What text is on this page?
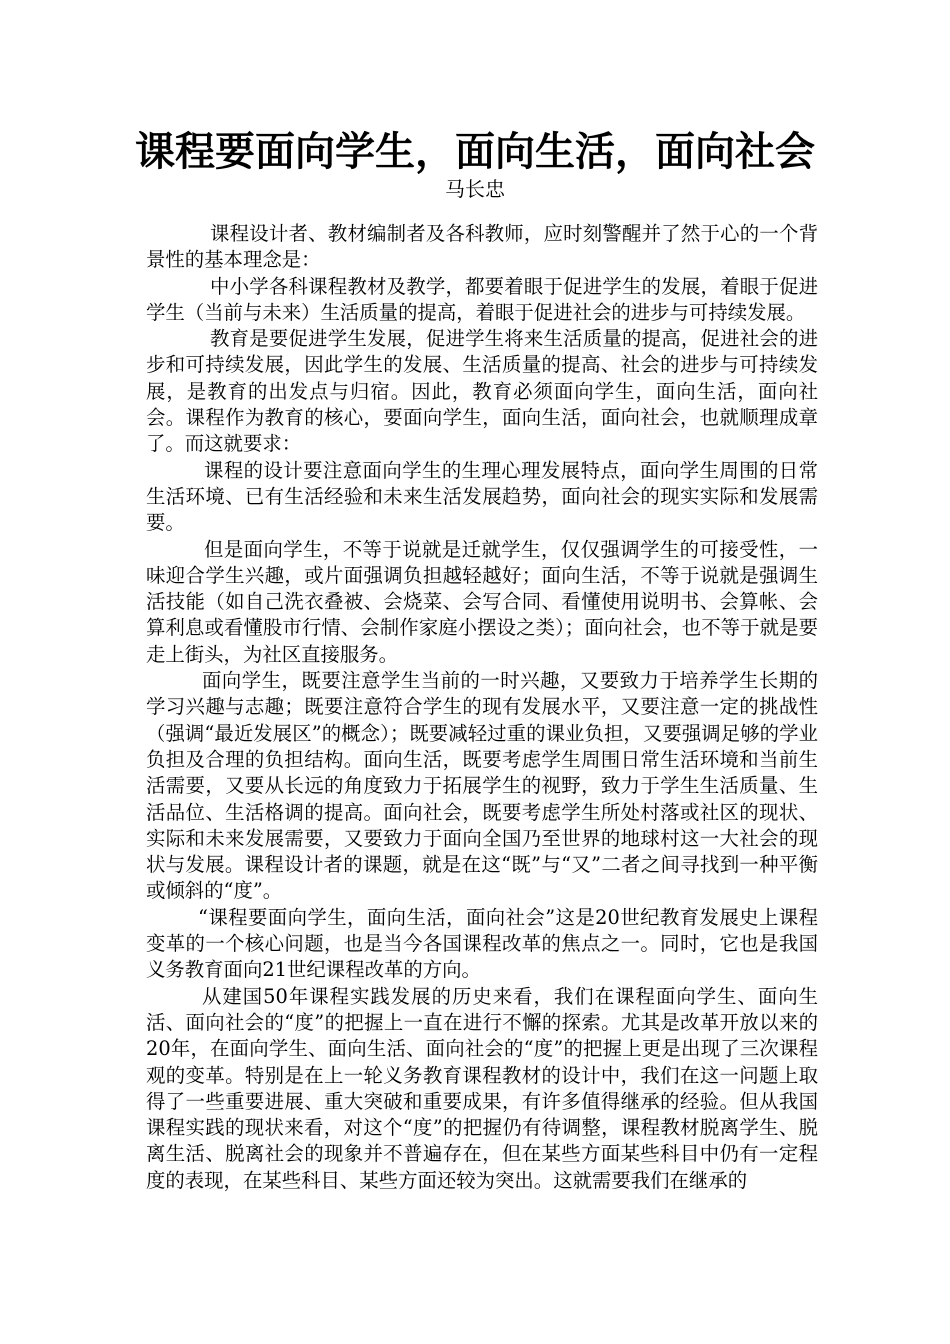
课程要面向学生，面向生活，面向社会
马长忠

课程设计者、教材编制者及各科教师，应时刻警醒并了然于心的一个背景性的基本理念是：

中小学各科课程教材及教学，都要着眼于促进学生的发展，着眼于促进学生（当前与未来）生活质量的提高，着眼于促进社会的进步与可持续发展。

教育是要促进学生发展，促进学生将来生活质量的提高，促进社会的进步和可持续发展，因此学生的发展、生活质量的提高、社会的进步与可持续发展，是教育的出发点与归宿。因此，教育必须面向学生，面向生活，面向社会。课程作为教育的核心，要面向学生，面向生活，面向社会，也就顺理成章了。而这就要求：

课程的设计要注意面向学生的生理心理发展特点，面向学生周围的日常生活环境、已有生活经验和未来生活发展趋势，面向社会的现实实际和发展需要。

但是面向学生，不等于说就是迁就学生，仅仅强调学生的可接受性，一味迎合学生兴趣，或片面强调负担越轻越好；面向生活，不等于说就是强调生活技能（如自己洗衣叠被、会烧菜、会写合同、看懂使用说明书、会算帐、会算利息或看懂股市行情、会制作家庭小摆设之类）；面向社会，也不等于就是要走上街头，为社区直接服务。

面向学生，既要注意学生当前的一时兴趣，又要致力于培养学生长期的学习兴趣与志趣；既要注意符合学生的现有发展水平，又要注意一定的挑战性（强调“最近发展区”的概念）；既要减轻过重的课业负担，又要强调足够的学业负担及合理的负担结构。面向生活，既要考虑学生周围日常生活环境和当前生活需要，又要从长远的角度致力于拓展学生的视野，致力于学生生活质量、生活品位、生活格调的提高。面向社会，既要考虑学生所处村落或社区的现状、实际和未来发展需要，又要致力于面向全国乃至世界的地球村这一大社会的现状与发展。课程设计者的课题，就是在这“既”与“又”二者之间寻找到一种平衡或倾斜的“度”。

“课程要面向学生，面向生活，面向社会”这是20世纪教育发展史上课程变革的一个核心问题，也是当今各国课程改革的焦点之一。同时，它也是我国义务教育面向21世纪课程改革的方向。

从建国50年课程实践发展的历史来看，我们在课程面向学生、面向生活、面向社会的“度”的把握上一直在进行不懈的探索。尤其是改革开放以来的20年，在面向学生、面向生活、面向社会的“度”的把握上更是出现了三次课程观的变革。特别是在上一轮义务教育课程教材的设计中，我们在这一问题上取得了一些重要进展、重大突破和重要成果，有许多值得继承的经验。但从我国课程实践的现状来看，对这个“度”的把握仍有待调整，课程教材脱离学生、脱离生活、脱离社会的现象并不普遍存在，但在某些方面某些科目中仍有一定程度的表现，在某些科目、某些方面还较为突出。这就需要我们在继承的
